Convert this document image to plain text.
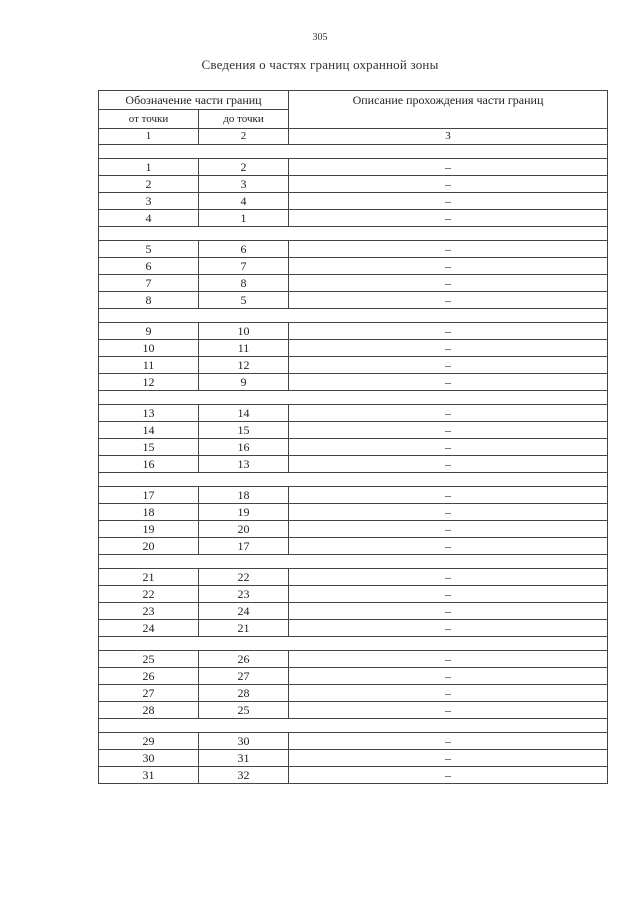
305
Сведения о частях границ охранной зоны
Обозначение части границ		Описание прохождения части границ
от точки	до точки	
1	2	3

1	2	–
2	3	–
3	4	–
4	1	–

5	6	–
6	7	–
7	8	–
8	5	–

9	10	–
10	11	–
11	12	–
12	9	–

13	14	–
14	15	–
15	16	–
16	13	–

17	18	–
18	19	–
19	20	–
20	17	–

21	22	–
22	23	–
23	24	–
24	21	–

25	26	–
26	27	–
27	28	–
28	25	–

29	30	–
30	31	–
31	32	–
